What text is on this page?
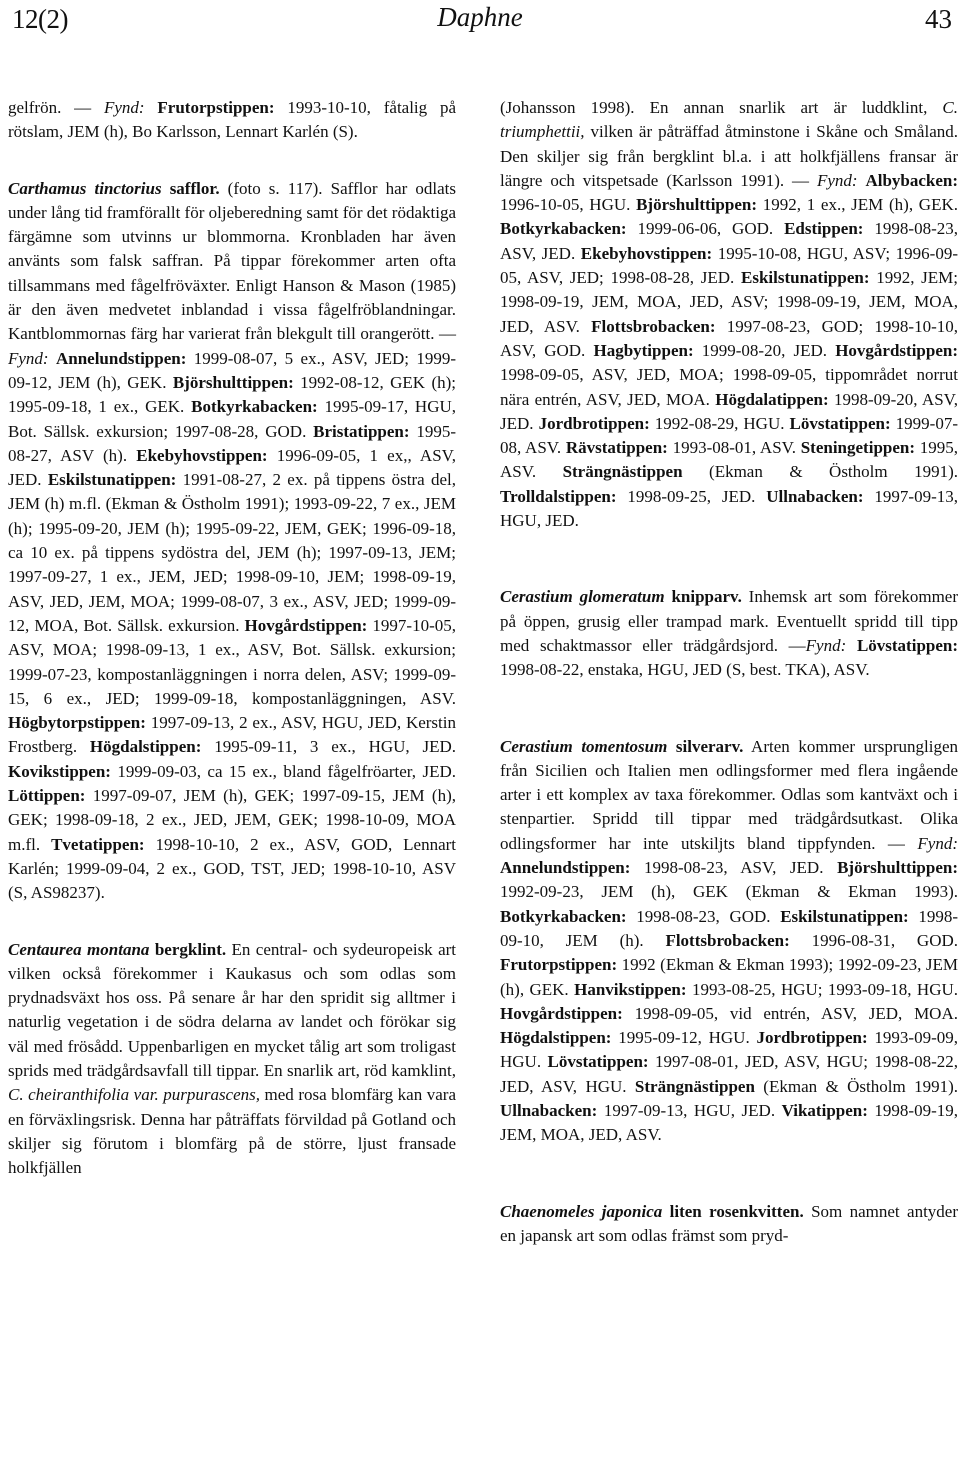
12(2)	Daphne	43

gelfrön. — Fynd: Frutorpstippen: 1993-10-10, fåtalig på rötslam, JEM (h), Bo Karlsson, Lennart Karlén (S).

Carthamus tinctorius safflor. (foto s. 117). Safflor har odlats under lång tid framförallt för oljeberedning samt för det rödaktiga färgämne som utvinns ur blommorna. Kronbladen har även använts som falsk saffran. På tippar förekommer arten ofta tillsammans med fågelfröväxter. Enligt Hanson & Mason (1985) är den även medvetet inblandad i vissa fågelfröblandningar. Kantblommornas färg har varierat från blekgult till orangerött. — Fynd: Annelundstippen: 1999-08-07, 5 ex., ASV, JED; 1999-09-12, JEM (h), GEK. Björshulttippen: 1992-08-12, GEK (h); 1995-09-18, 1 ex., GEK. Botkyrkabacken: 1995-09-17, HGU, Bot. Sällsk. exkursion; 1997-08-28, GOD. Bristatippen: 1995-08-27, ASV (h). Ekebyhovstippen: 1996-09-05, 1 ex,, ASV, JED. Eskilstunatippen: 1991-08-27, 2 ex. på tippens östra del, JEM (h) m.fl. (Ekman & Östholm 1991); 1993-09-22, 7 ex., JEM (h); 1995-09-20, JEM (h); 1995-09-22, JEM, GEK; 1996-09-18, ca 10 ex. på tippens sydöstra del, JEM (h); 1997-09-13, JEM; 1997-09-27, 1 ex., JEM, JED; 1998-09-10, JEM; 1998-09-19, ASV, JED, JEM, MOA; 1999-08-07, 3 ex., ASV, JED; 1999-09-12, MOA, Bot. Sällsk. exkursion. Hovgårdstippen: 1997-10-05, ASV, MOA; 1998-09-13, 1 ex., ASV, Bot. Sällsk. exkursion; 1999-07-23, kompostanläggningen i norra delen, ASV; 1999-09-15, 6 ex., JED; 1999-09-18, kompostanläggningen, ASV. Högbytorpstippen: 1997-09-13, 2 ex., ASV, HGU, JED, Kerstin Frostberg. Högdalstippen: 1995-09-11, 3 ex., HGU, JED. Kovikstippen: 1999-09-03, ca 15 ex., bland fågelfröarter, JED. Löttippen: 1997-09-07, JEM (h), GEK; 1997-09-15, JEM (h), GEK; 1998-09-18, 2 ex., JED, JEM, GEK; 1998-10-09, MOA m.fl. Tvetatippen: 1998-10-10, 2 ex., ASV, GOD, Lennart Karlén; 1999-09-04, 2 ex., GOD, TST, JED; 1998-10-10, ASV (S, AS98237).

Centaurea montana bergklint. En central- och sydeuropeisk art vilken också förekommer i Kaukasus och som odlas som prydnadsväxt hos oss. På senare år har den spridit sig alltmer i naturlig vegetation i de södra delarna av landet och förökar sig väl med frösådd. Uppenbarligen en mycket tålig art som troligast sprids med trädgårdsavfall till tippar. En snarlik art, röd kamklint, C. cheiranthifolia var. purpurascens, med rosa blomfärg kan vara en förväxlingsrisk. Denna har påträffats förvildad på Gotland och skiljer sig förutom i blomfärg på de större, ljust fransade holkfjällen

(Johansson 1998). En annan snarlik art är luddklint, C. triumphettii, vilken är påträffad åtminstone i Skåne och Småland. Den skiljer sig från bergklint bl.a. i att holkfjällens fransar är längre och vitspetsade (Karlsson 1991). — Fynd: Albybacken: 1996-10-05, HGU. Björshulttippen: 1992, 1 ex., JEM (h), GEK. Botkyrkabacken: 1999-06-06, GOD. Edstippen: 1998-08-23, ASV, JED. Ekebyhovstippen: 1995-10-08, HGU, ASV; 1996-09-05, ASV, JED; 1998-08-28, JED. Eskilstunatippen: 1992, JEM; 1998-09-19, JEM, MOA, JED, ASV; 1998-09-19, JEM, MOA, JED, ASV. Flottsbrobacken: 1997-08-23, GOD; 1998-10-10, ASV, GOD. Hagbytippen: 1999-08-20, JED. Hovgårdstippen: 1998-09-05, ASV, JED, MOA; 1998-09-05, tippområdet norrut nära entrén, ASV, JED, MOA. Högdalatippen: 1998-09-20, ASV, JED. Jordbrotippen: 1992-08-29, HGU. Lövstatippen: 1999-07-08, ASV. Rävstatippen: 1993-08-01, ASV. Steningetippen: 1995, ASV. Strängnästippen (Ekman & Östholm 1991). Trolldalstippen: 1998-09-25, JED. Ullnabacken: 1997-09-13, HGU, JED.

Cerastium glomeratum knipparv. Inhemsk art som förekommer på öppen, grusig eller trampad mark. Eventuellt spridd till tipp med schaktmassor eller trädgårdsjord. —Fynd: Lövstatippen: 1998-08-22, enstaka, HGU, JED (S, best. TKA), ASV.

Cerastium tomentosum silverarv. Arten kommer ursprungligen från Sicilien och Italien men odlingsformer med flera ingående arter i ett komplex av taxa förekommer. Odlas som kantväxt och i stenpartier. Spridd till tippar med trädgårdsutkast. Olika odlingsformer har inte utskiljts bland tippfynden. — Fynd: Annelundstippen: 1998-08-23, ASV, JED. Björshulttippen: 1992-09-23, JEM (h), GEK (Ekman & Ekman 1993). Botkyrkabacken: 1998-08-23, GOD. Eskilstunatippen: 1998-09-10, JEM (h). Flottsbrobacken: 1996-08-31, GOD. Frutorpstippen: 1992 (Ekman & Ekman 1993); 1992-09-23, JEM (h), GEK. Hanvikstippen: 1993-08-25, HGU; 1993-09-18, HGU. Hovgårdstippen: 1998-09-05, vid entrén, ASV, JED, MOA. Högdalstippen: 1995-09-12, HGU. Jordbrotippen: 1993-09-09, HGU. Lövstatippen: 1997-08-01, JED, ASV, HGU; 1998-08-22, JED, ASV, HGU. Strängnästippen (Ekman & Östholm 1991). Ullnabacken: 1997-09-13, HGU, JED. Vikatippen: 1998-09-19, JEM, MOA, JED, ASV.

Chaenomeles japonica liten rosenkvitten. Som namnet antyder en japansk art som odlas främst som pryd-
